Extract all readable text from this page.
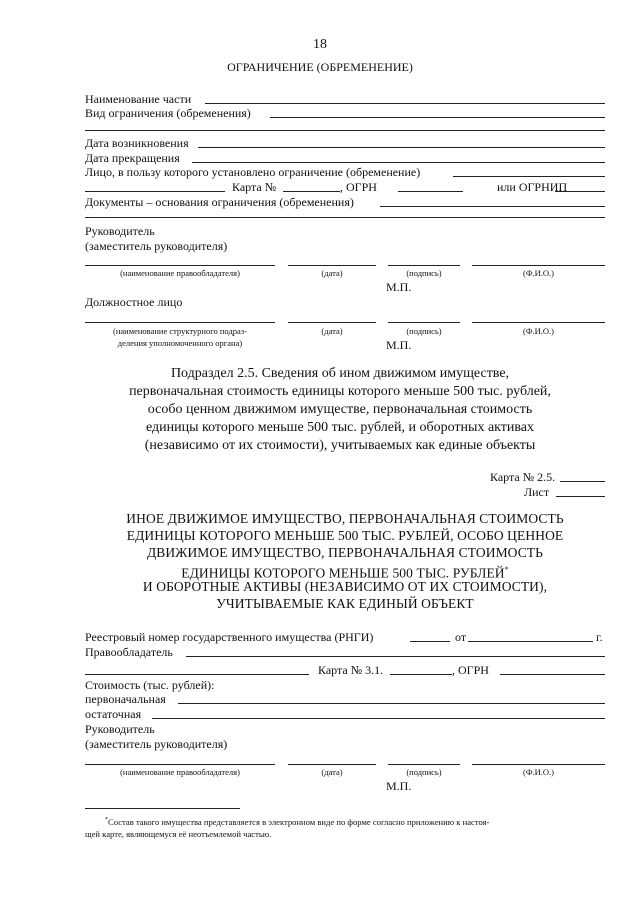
18
ОГРАНИЧЕНИЕ (ОБРЕМЕНЕНИЕ)
Наименование части
Вид ограничения (обременения)
Дата возникновения
Дата прекращения
Лицо, в пользу которого установлено ограничение (обременение)
Карта №	, ОГРН	или ОГРНИП
Документы – основания ограничения (обременения)
Руководитель
(заместитель руководителя)
(наименование правообладателя)	(дата)	(подпись)	(Ф.И.О.)
М.П.
Должностное лицо
(наименование структурного подраз-
деления уполномоченного органа)
(дата)	(подпись)	(Ф.И.О.)
М.П.
Подраздел 2.5. Сведения об ином движимом имуществе,
первоначальная стоимость единицы которого меньше 500 тыс. рублей,
особо ценном движимом имуществе, первоначальная стоимость
единицы которого меньше 500 тыс. рублей, и оборотных активах
(независимо от их стоимости), учитываемых как единые объекты
Карта № 2.5.
Лист
ИНОЕ ДВИЖИМОЕ ИМУЩЕСТВО, ПЕРВОНАЧАЛЬНАЯ СТОИМОСТЬ
ЕДИНИЦЫ КОТОРОГО МЕНЬШЕ 500 ТЫС. РУБЛЕЙ, ОСОБО ЦЕННОЕ
ДВИЖИМОЕ ИМУЩЕСТВО, ПЕРВОНАЧАЛЬНАЯ СТОИМОСТЬ
ЕДИНИЦЫ КОТОРОГО МЕНЬШЕ 500 ТЫС. РУБЛЕЙ*
И ОБОРОТНЫЕ АКТИВЫ (НЕЗАВИСИМО ОТ ИХ СТОИМОСТИ),
УЧИТЫВАЕМЫЕ КАК ЕДИНЫЙ ОБЪЕКТ
Реестровый номер государственного имущества (РНГИ)	от	г.
Правообладатель
Карта № 3.1.	, ОГРН
Стоимость (тыс. рублей):
первоначальная
остаточная
Руководитель
(заместитель руководителя)
(наименование правообладателя)	(дата)	(подпись)	(Ф.И.О.)
М.П.
*Состав такого имущества представляется в электронном виде по форме согласно приложению к настоя-
щей карте, являющемуся её неотъемлемой частью.
